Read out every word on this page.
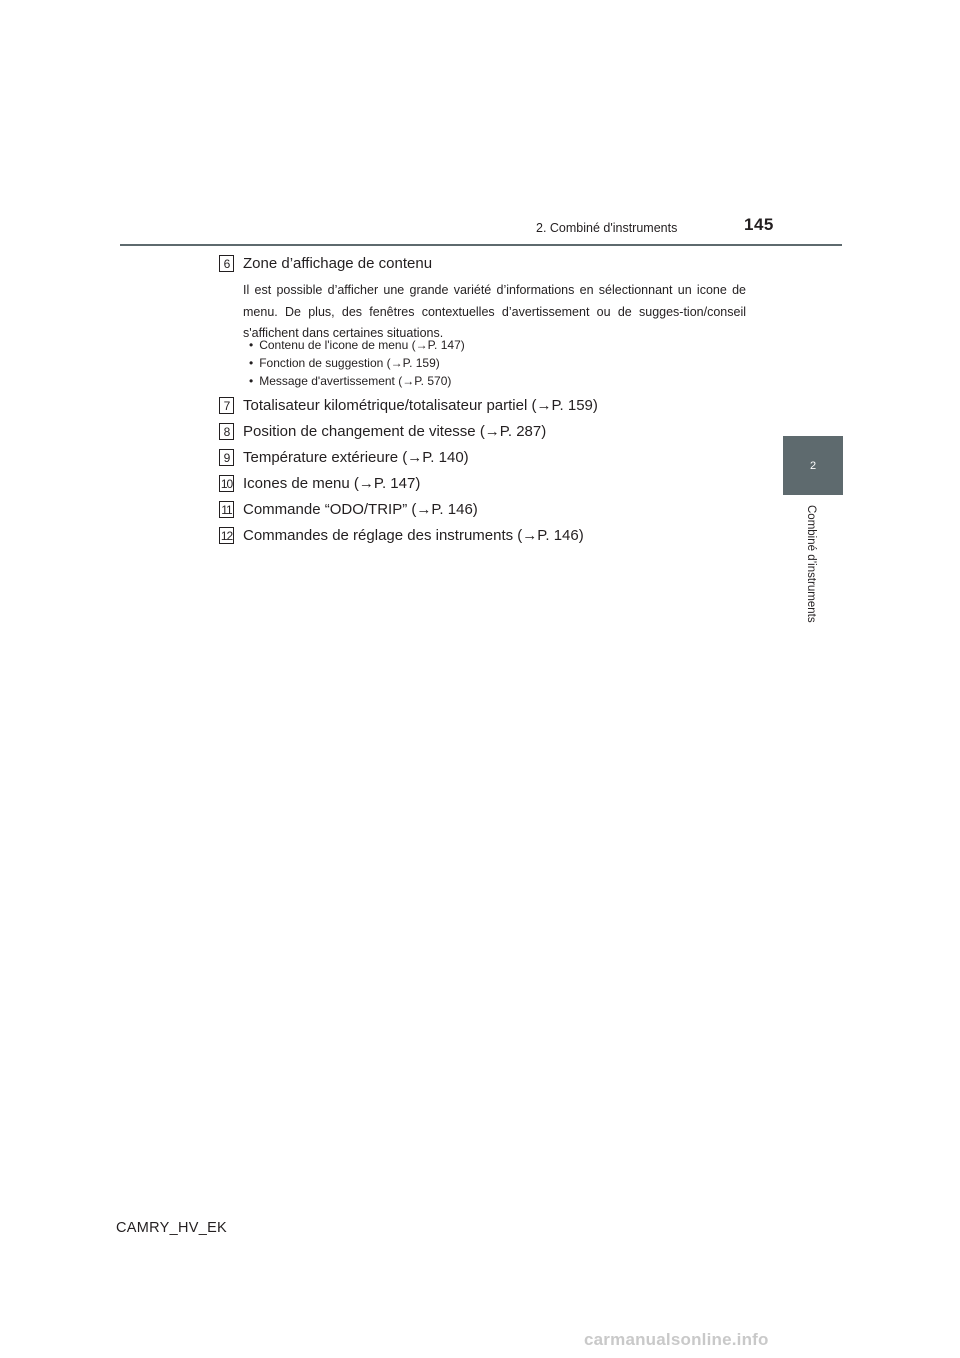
2. Combiné d'instruments	145
2
Combiné d’instruments
6 Zone d’affichage de contenu
Il est possible d’afficher une grande variété d’informations en sélectionnant un icone de menu. De plus, des fenêtres contextuelles d’avertissement ou de sugges-tion/conseil s'affichent dans certaines situations.
• Contenu de l'icone de menu (→P. 147)
• Fonction de suggestion (→P. 159)
• Message d'avertissement (→P. 570)
7 Totalisateur kilométrique/totalisateur partiel (→P. 159)
8 Position de changement de vitesse (→P. 287)
9 Température extérieure (→P. 140)
10 Icones de menu (→P. 147)
11 Commande “ODO/TRIP” (→P. 146)
12 Commandes de réglage des instruments (→P. 146)
CAMRY_HV_EK
carmanualsonline.info
